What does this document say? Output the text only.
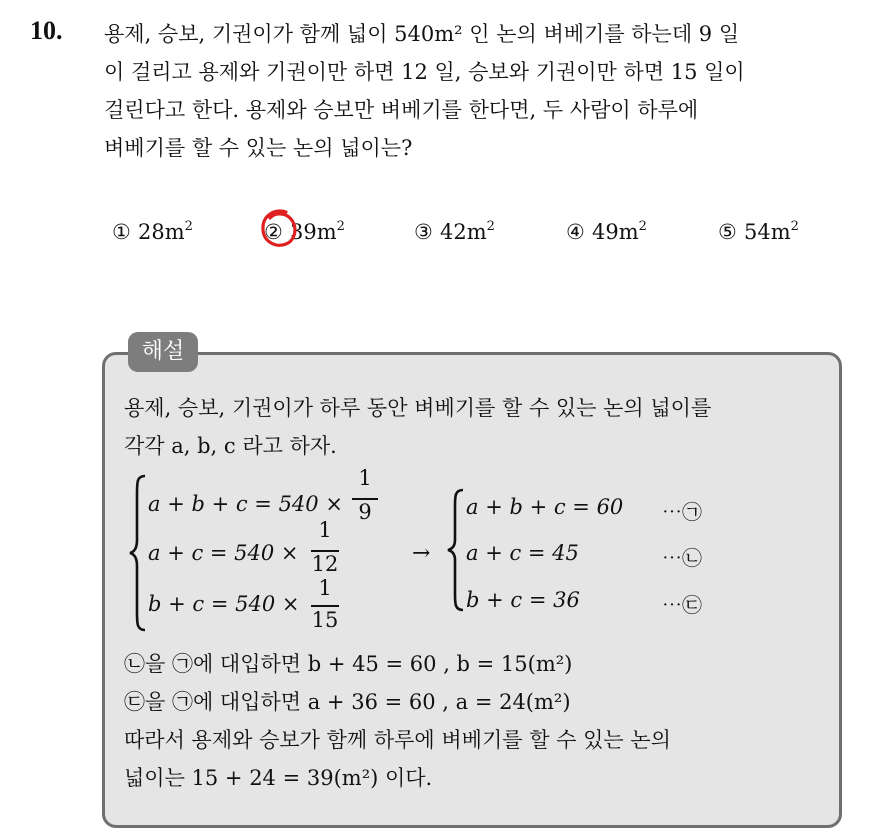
10. 용제, 승보, 기권이가 함께 넓이 540m² 인 논의 벼베기를 하는데 9 일
이 걸리고 용제와 기권이만 하면 12 일, 승보와 기권이만 하면 15 일이
걸린다고 한다. 용제와 승보만 벼베기를 한다면, 두 사람이 하루에
벼베기를 할 수 있는 논의 넓이는?
① $28m^2$	② $39m^2$	③ $42m^2$	④ $49m^2$	⑤ $54m^2$
해설
용제, 승보, 기권이가 하루 동안 벼베기를 할 수 있는 논의 넓이를
각각 a, b, c 라고 하자.
a + b + c = 540 ×
1
9
a + c = 540 ×
1
12
b + c = 540 ×
1
15
→
a + b + c = 60 ⋯㉠
a + c = 45	⋯㉡
b + c = 36	⋯㉢
㉡을 ㉠에 대입하면 b + 45 = 60 , b = 15(m²)
㉢을 ㉠에 대입하면 a + 36 = 60 , a = 24(m²)
따라서 용제와 승보가 함께 하루에 벼베기를 할 수 있는 논의
넓이는 15 + 24 = 39(m²) 이다.
